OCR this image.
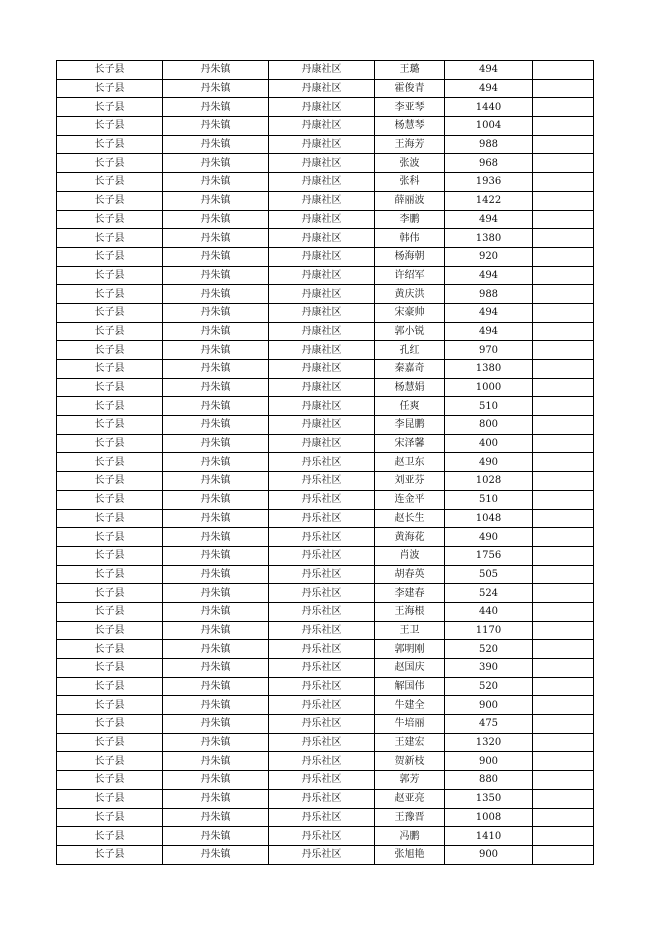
长子县	丹朱镇	丹康社区	王璐	494	
长子县	丹朱镇	丹康社区	霍俊青	494	
长子县	丹朱镇	丹康社区	李亚琴	1440	
长子县	丹朱镇	丹康社区	杨慧琴	1004	
长子县	丹朱镇	丹康社区	王海芳	988	
长子县	丹朱镇	丹康社区	张波	968	
长子县	丹朱镇	丹康社区	张科	1936	
长子县	丹朱镇	丹康社区	薛丽波	1422	
长子县	丹朱镇	丹康社区	李鹏	494	
长子县	丹朱镇	丹康社区	韩伟	1380	
长子县	丹朱镇	丹康社区	杨海朝	920	
长子县	丹朱镇	丹康社区	许绍军	494	
长子县	丹朱镇	丹康社区	黄庆洪	988	
长子县	丹朱镇	丹康社区	宋豪帅	494	
长子县	丹朱镇	丹康社区	郭小锐	494	
长子县	丹朱镇	丹康社区	孔红	970	
长子县	丹朱镇	丹康社区	秦嘉奇	1380	
长子县	丹朱镇	丹康社区	杨慧娟	1000	
长子县	丹朱镇	丹康社区	任爽	510	
长子县	丹朱镇	丹康社区	李昆鹏	800	
长子县	丹朱镇	丹康社区	宋泽馨	400	
长子县	丹朱镇	丹乐社区	赵卫东	490	
长子县	丹朱镇	丹乐社区	刘亚芬	1028	
长子县	丹朱镇	丹乐社区	连金平	510	
长子县	丹朱镇	丹乐社区	赵长生	1048	
长子县	丹朱镇	丹乐社区	黄海花	490	
长子县	丹朱镇	丹乐社区	肖波	1756	
长子县	丹朱镇	丹乐社区	胡春英	505	
长子县	丹朱镇	丹乐社区	李建春	524	
长子县	丹朱镇	丹乐社区	王海根	440	
长子县	丹朱镇	丹乐社区	王卫	1170	
长子县	丹朱镇	丹乐社区	郭明刚	520	
长子县	丹朱镇	丹乐社区	赵国庆	390	
长子县	丹朱镇	丹乐社区	解国伟	520	
长子县	丹朱镇	丹乐社区	牛建全	900	
长子县	丹朱镇	丹乐社区	牛培丽	475	
长子县	丹朱镇	丹乐社区	王建宏	1320	
长子县	丹朱镇	丹乐社区	贺新枝	900	
长子县	丹朱镇	丹乐社区	郭芳	880	
长子县	丹朱镇	丹乐社区	赵亚亮	1350	
长子县	丹朱镇	丹乐社区	王豫晋	1008	
长子县	丹朱镇	丹乐社区	冯鹏	1410	
长子县	丹朱镇	丹乐社区	张旭艳	900	
